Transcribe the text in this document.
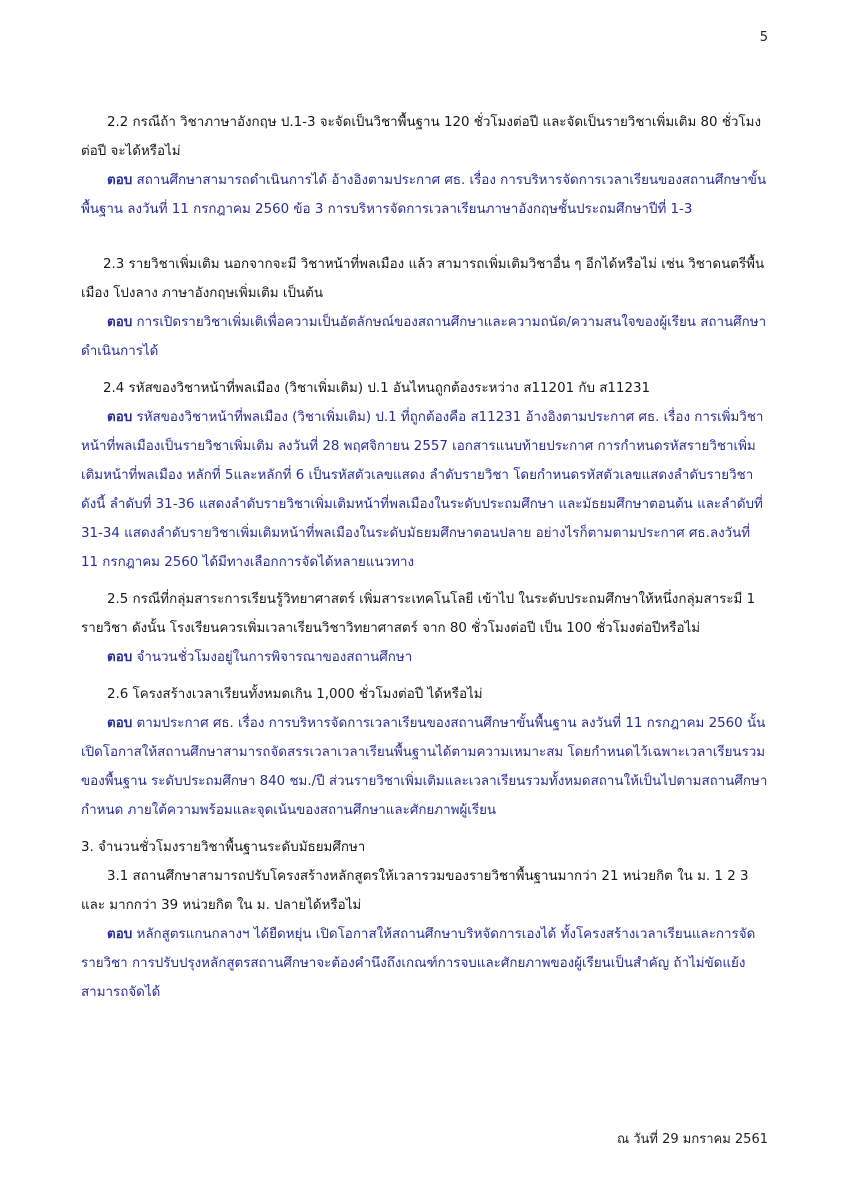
5

2.2 กรณีถ้า วิชาภาษาอังกฤษ ป.1-3 จะจัดเป็นวิชาพื้นฐาน 120 ชั่วโมงต่อปี และจัดเป็นรายวิชาเพิ่มเติม 80 ชั่วโมงต่อปี จะได้หรือไม่

ตอบ สถานศึกษาสามารถดำเนินการได้ อ้างอิงตามประกาศ ศธ. เรื่อง การบริหารจัดการเวลาเรียนของสถานศึกษาขั้นพื้นฐาน ลงวันที่ 11 กรกฎาคม 2560 ข้อ 3 การบริหารจัดการเวลาเรียนภาษาอังกฤษชั้นประถมศึกษาปีที่ 1-3

2.3 รายวิชาเพิ่มเติม นอกจากจะมี วิชาหน้าที่พลเมือง แล้ว สามารถเพิ่มเติมวิชาอื่น ๆ อีกได้หรือไม่ เช่น วิชาดนตรีพื้นเมือง โปงลาง ภาษาอังกฤษเพิ่มเติม เป็นต้น

ตอบ การเปิดรายวิชาเพิ่มเติเพื่อความเป็นอัตลักษณ์ของสถานศึกษาและความถนัด/ความสนใจของผู้เรียน สถานศึกษาดำเนินการได้

2.4 รหัสของวิชาหน้าที่พลเมือง (วิชาเพิ่มเติม) ป.1 อันไหนถูกต้องระหว่าง ส11201 กับ ส11231

ตอบ รหัสของวิชาหน้าที่พลเมือง (วิชาเพิ่มเติม) ป.1 ที่ถูกต้องคือ ส11231 อ้างอิงตามประกาศ ศธ. เรื่อง การเพิ่มวิชาหน้าที่พลเมืองเป็นรายวิชาเพิ่มเติม ลงวันที่ 28 พฤศจิกายน 2557 เอกสารแนบท้ายประกาศ การกำหนดรหัสรายวิชาเพิ่มเติมหน้าที่พลเมือง หลักที่ 5และหลักที่ 6 เป็นรหัสตัวเลขแสดง ลำดับรายวิชา โดยกำหนดรหัสตัวเลขแสดงลำดับรายวิชา ดังนี้ ลำดับที่ 31-36 แสดงลำดับรายวิชาเพิ่มเติมหน้าที่พลเมืองในระดับประถมศึกษา และมัธยมศึกษาตอนต้น และลำดับที่ 31-34 แสดงลำดับรายวิชาเพิ่มเติมหน้าที่พลเมืองในระดับมัธยมศึกษาตอนปลาย อย่างไรก็ตามตามประกาศ ศธ.ลงวันที่ 11 กรกฎาคม 2560 ได้มีทางเลือกการจัดได้หลายแนวทาง

2.5 กรณีที่กลุ่มสาระการเรียนรู้วิทยาศาสตร์ เพิ่มสาระเทคโนโลยี เข้าไป ในระดับประถมศึกษาให้หนึ่งกลุ่มสาระมี 1 รายวิชา ดังนั้น โรงเรียนควรเพิ่มเวลาเรียนวิชาวิทยาศาสตร์ จาก 80 ชั่วโมงต่อปี เป็น 100 ชั่วโมงต่อปีหรือไม่

ตอบ จำนวนชั่วโมงอยู่ในการพิจารณาของสถานศึกษา

2.6 โครงสร้างเวลาเรียนทั้งหมดเกิน 1,000 ชั่วโมงต่อปี ได้หรือไม่

ตอบ ตามประกาศ ศธ. เรื่อง การบริหารจัดการเวลาเรียนของสถานศึกษาขั้นพื้นฐาน ลงวันที่ 11 กรกฎาคม 2560 นั้น เปิดโอกาสให้สถานศึกษาสามารถจัดสรรเวลาเวลาเรียนพื้นฐานได้ตามความเหมาะสม โดยกำหนดไว้เฉพาะเวลาเรียนรวมของพื้นฐาน ระดับประถมศึกษา 840 ชม./ปี ส่วนรายวิชาเพิ่มเติมและเวลาเรียนรวมทั้งหมดสถานให้เป็นไปตามสถานศึกษากำหนด ภายใต้ความพร้อมและจุดเน้นของสถานศึกษาและศักยภาพผู้เรียน

3. จำนวนชั่วโมงรายวิชาพื้นฐานระดับมัธยมศึกษา

3.1 สถานศึกษาสามารถปรับโครงสร้างหลักสูตรให้เวลารวมของรายวิชาพื้นฐานมากว่า 21 หน่วยกิต ใน ม. 1 2 3 และ มากกว่า 39 หน่วยกิต ใน ม. ปลายได้หรือไม่

ตอบ หลักสูตรแกนกลางฯ ได้ยืดหยุ่น เปิดโอกาสให้สถานศึกษาบริหจัดการเองได้ ทั้งโครงสร้างเวลาเรียนและการจัดรายวิชา การปรับปรุงหลักสูตรสถานศึกษาจะต้องคำนึงถึงเกณฑ์การจบและศักยภาพของผู้เรียนเป็นสำคัญ ถ้าไม่ขัดแย้งสามารถจัดได้

ณ วันที่ 29 มกราคม 2561
